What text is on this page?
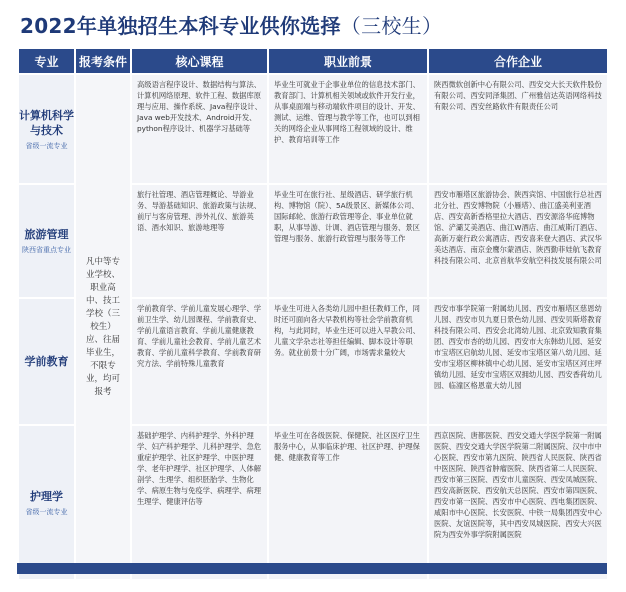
2022年单独招生本科专业供你选择（三校生）
专业	报考条件	核心课程	职业前景	合作企业

计算机科学与技术
省级一流专业	凡中等专业学校、职业高中、技工学校（三校生）应、往届毕业生，不限专业，均可报考	高级语言程序设计、数据结构与算法、计算机网络原理、软件工程、数据库原理与应用、操作系统、Java程序设计、Java web开发技术、Android开发、python程序设计、机器学习基础等	毕业生可就业于企事业单位的信息技术部门、教育部门、计算机相关领域或软件开发行业，从事桌面端与移动端软件项目的设计、开发、测试、运维、管理与教学等工作，也可以到相关的网络企业从事网络工程领域的设计、维护、教育培训等工作	陕西微软创新中心有限公司、西安交大长天软件股份有限公司、西安同泽集团、广州雅信达英语网络科技有限公司、西安丝路软件有限责任公司

旅游管理
陕西省重点专业		旅行社管理、酒店管理概论、导游业务、导游基础知识、旅游政策与法规、前厅与客房管理、涉外礼仪、旅游英语、酒水知识、旅游地理等	毕业生可在旅行社、星级酒店、研学旅行机构、博物馆（院）、5A级景区、新媒体公司、国际邮轮、旅游行政管理等企、事业单位就职，从事导游、计调、酒店管理与服务、景区管理与服务、旅游行政管理与服务等工作	西安市雁塔区旅游协会、陕西宾馆、中国旅行总社西北分社、西安博物院（小雁塔）、曲江盛美利亚酒店、西安高新香格里拉大酒店、西安源洛华庭博物馆、浐灞艾美酒店、曲江W酒店、曲江威斯汀酒店、高新万豪行政公寓酒店、西安喜来登大酒店、武汉华美达酒店、南京金鹰尔蒙酒店、陕西勤菲娃航飞教育科技有限公司、北京首航华安航空科技发展有限公司

学前教育		学前教育学、学前儿童发展心理学、学前卫生学、幼儿园课程、学前教育史、学前儿童语言教育、学前儿童健康教育、学前儿童社会教育、学前儿童艺术教育、学前儿童科学教育、学前教育研究方法、学前特殊儿童教育	毕业生可进入各类幼儿园中担任教师工作，同时还可面向各大早教机构等社会学前教育机构，与此同时，毕业生还可以进入早教公司、儿童文学杂志社等担任编辑、脚本设计等职务。就业前景十分广阔，市场需求量较大	西安市事学院第一附属幼儿园、西安市雁塔区慈恩幼儿园、西安市贝九夏日景色幼儿园、西安贝斯塔教育科技有限公司、西安会北湾幼儿园、北京致知教育集团、西安市杏的幼儿园、西安市大东韩幼儿园、延安市宝塔区启航幼儿园、延安市宝塔区第八幼儿园、延安市宝塔区柳林镇中心幼儿园、延安市宝塔区河庄坪镇幼儿园、延安市宝塔区双拥幼儿园、西安香荷幼儿园、临潼区格恩童大幼儿园

护理学
省级一流专业		基础护理学、内科护理学、外科护理学、妇产科护理学、儿科护理学、急危重症护理学、社区护理学、中医护理学、老年护理学、社区护理学、人体解剖学、生理学、组织胚胎学、生物化学、病原生物与免疫学、病理学、病理生理学、健康评估等	毕业生可在各级医院、保健院、社区医疗卫生服务中心，从事临床护理、社区护理、护理保健、健康教育等工作	西京医院、唐都医院、西安交通大学医学院第一附属医院、西安交通大学医学院第二附属医院、汉中市中心医院、西安市第九医院、陕西省人民医院、陕西省中医医院、陕西省肿瘤医院、陕西省第二人民医院、西安市第三医院、西安市儿童医院、西安凤城医院、西安高新医院、西安航天总医院、西安市第四医院、西安市第一医院、西安市中心医院、西电集团医院、咸阳市中心医院、长安医院、中铁一局集团西安中心医院、友谊医院等，其中西安凤城医院、西安大兴医院为西安外事学院附属医院
